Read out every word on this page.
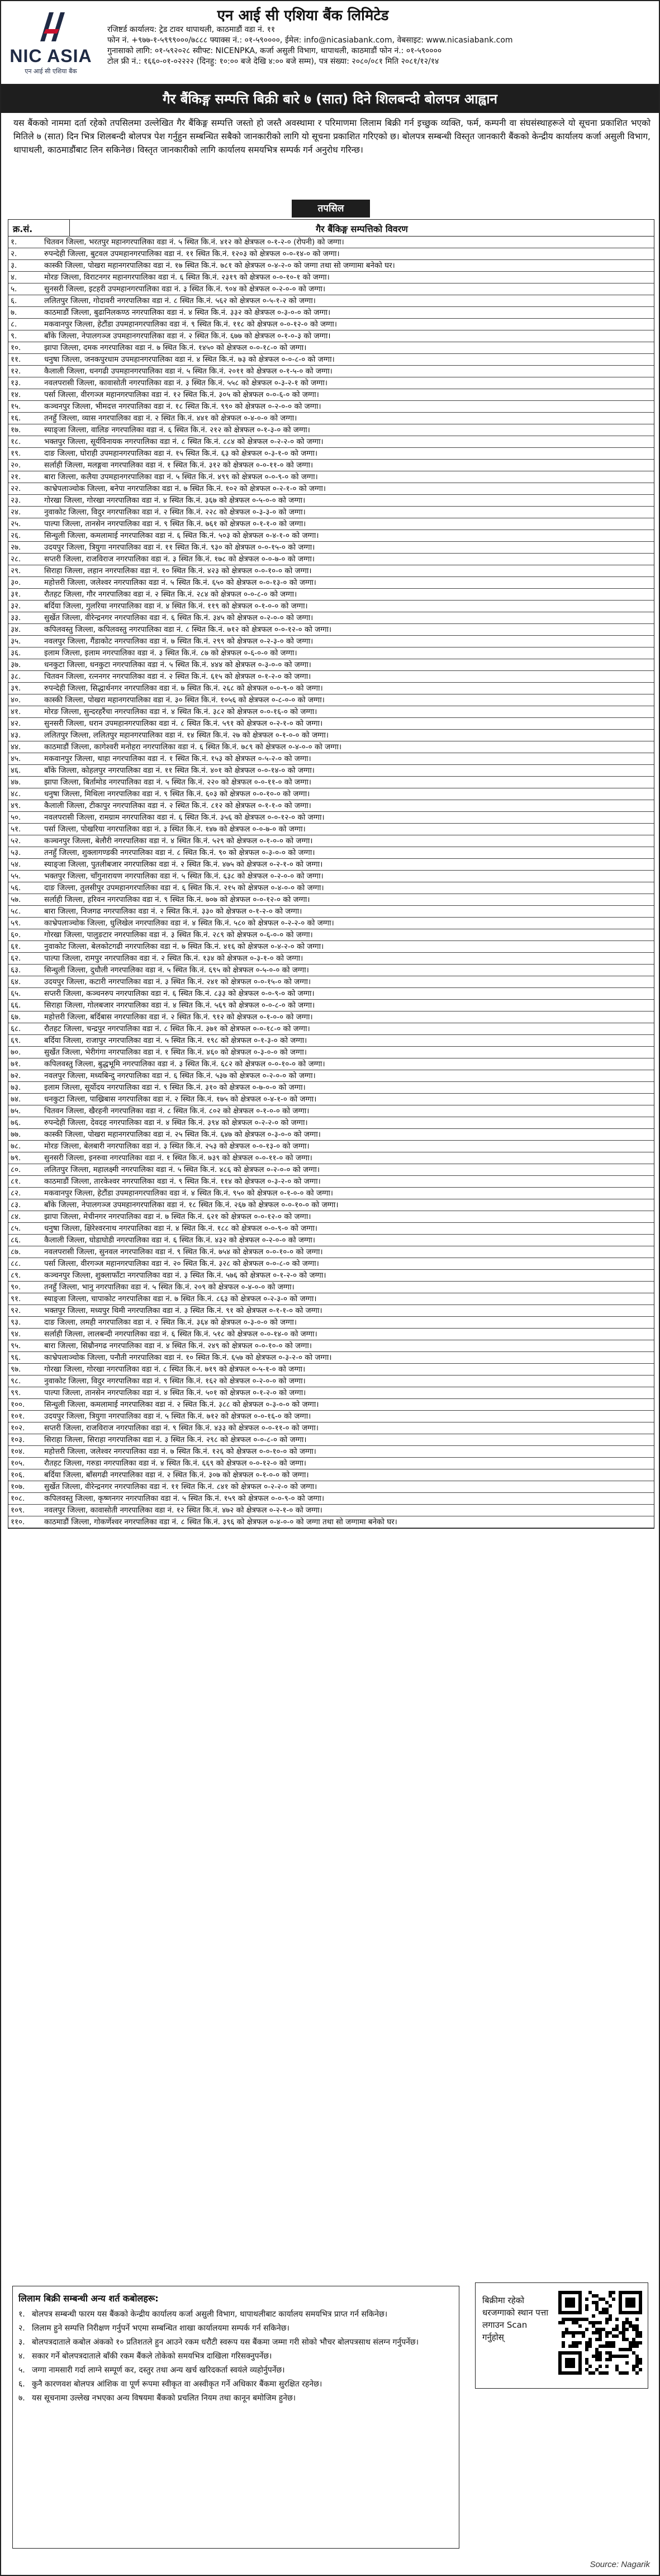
NIC ASIA
एन आई सी एशिया बैंक
एन आई सी एशिया बैंक लिमिटेड
रजिष्टर्ड कार्यालय: ट्रेड टावर थापाथली, काठमाडौं वडा नं. ११
फोन नं. +९७७-१-५९९९०००/७८८८ फ्याक्स नं.: ०१-५९००००, ईमेल: info@nicasiabank.com, वेबसाइट: www.nicasiabank.com
गुनासाको लागि: ०१-५९२०२८ स्वीफ्ट: NICENPKA, कर्जा असुली विभाग, थापाथली, काठमाडौं फोन नं.: ०१-५९००००
टोल फ्री नं.: १६६०-०१-०२२२२ (दिनहु: १०:०० बजे देखि ४:०० बजे सम्म), पत्र संख्या: २०८०/०८१ मिति २०८१/१२/१४
गैर बैंकिङ्ग सम्पत्ति बिक्री बारे ७ (सात) दिने शिलबन्दी बोलपत्र आह्वान

यस बैंकको नाममा दर्ता रहेको तपसिलमा उल्लेखित गैर बैंकिङ्ग सम्पत्ति जस्तो हो जस्तै अवस्थामा र परिमाणमा लिलाम बिक्री गर्न इच्छुक व्यक्ति, फर्म, कम्पनी वा संघसंस्थाहरूले यो सूचना प्रकाशित भएको मितिले ७ (सात) दिन भित्र शिलबन्दी बोलपत्र पेश गर्नुहुन सम्बन्धित सबैको जानकारीको लागि यो सूचना प्रकाशित गरिएको छ। बोलपत्र सम्बन्धी विस्तृत जानकारी बैंकको केन्द्रीय कार्यालय कर्जा असुली विभाग, थापाथली, काठमाडौंबाट लिन सकिनेछ। विस्तृत जानकारीको लागि कार्यालय समयभित्र सम्पर्क गर्न अनुरोध गरिन्छ।

तपसिल
क्र.सं.	गैर बैंकिङ्ग सम्पत्तिको विवरण
१.	चितवन जिल्ला, भरतपुर महानगरपालिका वडा नं. ५ स्थित कि.नं. ४१२ को क्षेत्रफल ०-१-२-० (रोपनी) को जग्गा।
२.	रुपन्देही जिल्ला, बुटवल उपमहानगरपालिका वडा नं. ११ स्थित कि.नं. १२०३ को क्षेत्रफल ०-०-१४-० को जग्गा।
३.	कास्की जिल्ला, पोखरा महानगरपालिका वडा नं. १७ स्थित कि.नं. ७८१ को क्षेत्रफल ०-४-२-० को जग्गा तथा सो जग्गामा बनेको घर।
४.	मोरङ जिल्ला, विराटनगर महानगरपालिका वडा नं. ६ स्थित कि.नं. २३१९ को क्षेत्रफल ०-०-१०-१ को जग्गा।
५.	सुनसरी जिल्ला, इटहरी उपमहानगरपालिका वडा नं. ३ स्थित कि.नं. ९०४ को क्षेत्रफल ०-२-०-० को जग्गा।
६.	ललितपुर जिल्ला, गोदावरी नगरपालिका वडा नं. ८ स्थित कि.नं. ५६२ को क्षेत्रफल ०-५-१-२ को जग्गा।
७.	काठमाडौं जिल्ला, बुढानिलकण्ठ नगरपालिका वडा नं. ४ स्थित कि.नं. ३३२ को क्षेत्रफल ०-३-०-० को जग्गा।
८.	मकवानपुर जिल्ला, हेटौंडा उपमहानगरपालिका वडा नं. ९ स्थित कि.नं. ११८ को क्षेत्रफल ०-०-१२-० को जग्गा।
९.	बाँके जिल्ला, नेपालगञ्ज उपमहानगरपालिका वडा नं. २ स्थित कि.नं. ६७७ को क्षेत्रफल ०-१-०-३ को जग्गा।
१०.	झापा जिल्ला, दमक नगरपालिका वडा नं. ७ स्थित कि.नं. १४५० को क्षेत्रफल ०-०-१८-० को जग्गा।
११.	धनुषा जिल्ला, जनकपुरधाम उपमहानगरपालिका वडा नं. ४ स्थित कि.नं. ७३ को क्षेत्रफल ०-०-८-० को जग्गा।
१२.	कैलाली जिल्ला, धनगढी उपमहानगरपालिका वडा नं. ५ स्थित कि.नं. २०११ को क्षेत्रफल ०-१-५-० को जग्गा।
१३.	नवलपरासी जिल्ला, कावासोती नगरपालिका वडा नं. ३ स्थित कि.नं. ५५८ को क्षेत्रफल ०-३-२-१ को जग्गा।
१४.	पर्सा जिल्ला, वीरगञ्ज महानगरपालिका वडा नं. १२ स्थित कि.नं. ३०५ को क्षेत्रफल ०-०-६-० को जग्गा।
१५.	कञ्चनपुर जिल्ला, भीमदत्त नगरपालिका वडा नं. १८ स्थित कि.नं. ९९० को क्षेत्रफल ०-२-०-० को जग्गा।
१६.	तनहुँ जिल्ला, व्यास नगरपालिका वडा नं. २ स्थित कि.नं. ४४१ को क्षेत्रफल ०-४-०-० को जग्गा।
१७.	स्याङ्जा जिल्ला, वालिङ नगरपालिका वडा नं. ६ स्थित कि.नं. २१२ को क्षेत्रफल ०-१-३-० को जग्गा।
१८.	भक्तपुर जिल्ला, सूर्यविनायक नगरपालिका वडा नं. ८ स्थित कि.नं. ८८४ को क्षेत्रफल ०-२-२-० को जग्गा।
१९.	दाङ जिल्ला, घोराही उपमहानगरपालिका वडा नं. १५ स्थित कि.नं. ६३ को क्षेत्रफल ०-३-१-० को जग्गा।
२०.	सर्लाही जिल्ला, मलङ्गवा नगरपालिका वडा नं. १ स्थित कि.नं. ३१२ को क्षेत्रफल ०-०-११-० को जग्गा।
२१.	बारा जिल्ला, कलैया उपमहानगरपालिका वडा नं. ५ स्थित कि.नं. ४९९ को क्षेत्रफल ०-०-९-० को जग्गा।
२२.	काभ्रेपलाञ्चोक जिल्ला, बनेपा नगरपालिका वडा नं. ७ स्थित कि.नं. १०२ को क्षेत्रफल ०-२-१-० को जग्गा।
२३.	गोरखा जिल्ला, गोरखा नगरपालिका वडा नं. ४ स्थित कि.नं. ३६७ को क्षेत्रफल ०-५-०-० को जग्गा।
२४.	नुवाकोट जिल्ला, विदुर नगरपालिका वडा नं. २ स्थित कि.नं. २२८ को क्षेत्रफल ०-३-३-० को जग्गा।
२५.	पाल्पा जिल्ला, तानसेन नगरपालिका वडा नं. ९ स्थित कि.नं. ७६१ को क्षेत्रफल ०-१-१-० को जग्गा।
२६.	सिन्धुली जिल्ला, कमलामाई नगरपालिका वडा नं. ६ स्थित कि.नं. ५०३ को क्षेत्रफल ०-४-१-० को जग्गा।
२७.	उदयपुर जिल्ला, त्रियुगा नगरपालिका वडा नं. ११ स्थित कि.नं. ९३० को क्षेत्रफल ०-०-१५-० को जग्गा।
२८.	सप्तरी जिल्ला, राजविराज नगरपालिका वडा नं. ३ स्थित कि.नं. १७८ को क्षेत्रफल ०-०-७-० को जग्गा।
२९.	सिराहा जिल्ला, लहान नगरपालिका वडा नं. १० स्थित कि.नं. ४२३ को क्षेत्रफल ०-०-१०-० को जग्गा।
३०.	महोत्तरी जिल्ला, जलेश्वर नगरपालिका वडा नं. ५ स्थित कि.नं. ६५० को क्षेत्रफल ०-०-१३-० को जग्गा।
३१.	रौतहट जिल्ला, गौर नगरपालिका वडा नं. २ स्थित कि.नं. २८४ को क्षेत्रफल ०-०-८-० को जग्गा।
३२.	बर्दिया जिल्ला, गुलरिया नगरपालिका वडा नं. ४ स्थित कि.नं. ११९ को क्षेत्रफल ०-१-०-० को जग्गा।
३३.	सुर्खेत जिल्ला, वीरेन्द्रनगर नगरपालिका वडा नं. ६ स्थित कि.नं. ३४५ को क्षेत्रफल ०-२-०-० को जग्गा।
३४.	कपिलवस्तु जिल्ला, कपिलवस्तु नगरपालिका वडा नं. ८ स्थित कि.नं. ७१२ को क्षेत्रफल ०-०-१२-० को जग्गा।
३५.	नवलपुर जिल्ला, गैंडाकोट नगरपालिका वडा नं. ७ स्थित कि.नं. २९९ को क्षेत्रफल ०-२-३-० को जग्गा।
३६.	इलाम जिल्ला, इलाम नगरपालिका वडा नं. ३ स्थित कि.नं. ८७ को क्षेत्रफल ०-६-०-० को जग्गा।
३७.	धनकुटा जिल्ला, धनकुटा नगरपालिका वडा नं. ५ स्थित कि.नं. ४४४ को क्षेत्रफल ०-३-०-० को जग्गा।
३८.	चितवन जिल्ला, रत्ननगर नगरपालिका वडा नं. २ स्थित कि.नं. ६१५ को क्षेत्रफल ०-१-२-० को जग्गा।
३९.	रुपन्देही जिल्ला, सिद्धार्थनगर नगरपालिका वडा नं. ७ स्थित कि.नं. २६८ को क्षेत्रफल ०-०-९-० को जग्गा।
४०.	कास्की जिल्ला, पोखरा महानगरपालिका वडा नं. ३० स्थित कि.नं. १०५६ को क्षेत्रफल ०-८-०-० को जग्गा।
४१.	मोरङ जिल्ला, सुन्दरहरैंचा नगरपालिका वडा नं. ४ स्थित कि.नं. ३८२ को क्षेत्रफल ०-०-१६-० को जग्गा।
४२.	सुनसरी जिल्ला, धरान उपमहानगरपालिका वडा नं. ८ स्थित कि.नं. ५९१ को क्षेत्रफल ०-२-१-० को जग्गा।
४३.	ललितपुर जिल्ला, ललितपुर महानगरपालिका वडा नं. १४ स्थित कि.नं. २७ को क्षेत्रफल ०-१-०-० को जग्गा।
४४.	काठमाडौं जिल्ला, कागेश्वरी मनोहरा नगरपालिका वडा नं. ६ स्थित कि.नं. ७८९ को क्षेत्रफल ०-४-०-० को जग्गा।
४५.	मकवानपुर जिल्ला, थाहा नगरपालिका वडा नं. १ स्थित कि.नं. १५३ को क्षेत्रफल ०-५-२-० को जग्गा।
४६.	बाँके जिल्ला, कोहलपुर नगरपालिका वडा नं. ११ स्थित कि.नं. ४०१ को क्षेत्रफल ०-०-१४-० को जग्गा।
४७.	झापा जिल्ला, बिर्तामोड नगरपालिका वडा नं. ५ स्थित कि.नं. २२० को क्षेत्रफल ०-०-११-० को जग्गा।
४८.	धनुषा जिल्ला, मिथिला नगरपालिका वडा नं. ९ स्थित कि.नं. ६०३ को क्षेत्रफल ०-०-१०-० को जग्गा।
४९.	कैलाली जिल्ला, टीकापुर नगरपालिका वडा नं. २ स्थित कि.नं. ८१२ को क्षेत्रफल ०-१-१-० को जग्गा।
५०.	नवलपरासी जिल्ला, रामग्राम नगरपालिका वडा नं. ६ स्थित कि.नं. ३५६ को क्षेत्रफल ०-०-१२-० को जग्गा।
५१.	पर्सा जिल्ला, पोखरिया नगरपालिका वडा नं. ३ स्थित कि.नं. १४७ को क्षेत्रफल ०-०-७-० को जग्गा।
५२.	कञ्चनपुर जिल्ला, बेलौरी नगरपालिका वडा नं. ४ स्थित कि.नं. ५२९ को क्षेत्रफल ०-१-०-० को जग्गा।
५३.	तनहुँ जिल्ला, शुक्लागण्डकी नगरपालिका वडा नं. ८ स्थित कि.नं. ९० को क्षेत्रफल ०-३-०-० को जग्गा।
५४.	स्याङ्जा जिल्ला, पुतलीबजार नगरपालिका वडा नं. २ स्थित कि.नं. ४७५ को क्षेत्रफल ०-२-१-० को जग्गा।
५५.	भक्तपुर जिल्ला, चाँगुनारायण नगरपालिका वडा नं. ५ स्थित कि.नं. ६३८ को क्षेत्रफल ०-२-०-० को जग्गा।
५६.	दाङ जिल्ला, तुलसीपुर उपमहानगरपालिका वडा नं. ६ स्थित कि.नं. २१५ को क्षेत्रफल ०-४-०-० को जग्गा।
५७.	सर्लाही जिल्ला, हरिवन नगरपालिका वडा नं. ९ स्थित कि.नं. ७०७ को क्षेत्रफल ०-०-१२-० को जग्गा।
५८.	बारा जिल्ला, निजगढ नगरपालिका वडा नं. २ स्थित कि.नं. ३३० को क्षेत्रफल ०-१-२-० को जग्गा।
५९.	काभ्रेपलाञ्चोक जिल्ला, धुलिखेल नगरपालिका वडा नं. ४ स्थित कि.नं. ५८० को क्षेत्रफल ०-२-२-० को जग्गा।
६०.	गोरखा जिल्ला, पालुङटार नगरपालिका वडा नं. ३ स्थित कि.नं. २८९ को क्षेत्रफल ०-६-०-० को जग्गा।
६१.	नुवाकोट जिल्ला, बेलकोटगढी नगरपालिका वडा नं. ७ स्थित कि.नं. ४१६ को क्षेत्रफल ०-४-२-० को जग्गा।
६२.	पाल्पा जिल्ला, रामपुर नगरपालिका वडा नं. २ स्थित कि.नं. १३४ को क्षेत्रफल ०-३-१-० को जग्गा।
६३.	सिन्धुली जिल्ला, दुधौली नगरपालिका वडा नं. ५ स्थित कि.नं. ६९५ को क्षेत्रफल ०-५-०-० को जग्गा।
६४.	उदयपुर जिल्ला, कटारी नगरपालिका वडा नं. ३ स्थित कि.नं. २४१ को क्षेत्रफल ०-०-१५-० को जग्गा।
६५.	सप्तरी जिल्ला, कञ्चनरुप नगरपालिका वडा नं. ६ स्थित कि.नं. ८३३ को क्षेत्रफल ०-०-९-० को जग्गा।
६६.	सिराहा जिल्ला, गोलबजार नगरपालिका वडा नं. ४ स्थित कि.नं. ५६९ को क्षेत्रफल ०-०-८-० को जग्गा।
६७.	महोत्तरी जिल्ला, बर्दिबास नगरपालिका वडा नं. २ स्थित कि.नं. ९१२ को क्षेत्रफल ०-१-०-० को जग्गा।
६८.	रौतहट जिल्ला, चन्द्रपुर नगरपालिका वडा नं. ८ स्थित कि.नं. ३७१ को क्षेत्रफल ०-०-१८-० को जग्गा।
६९.	बर्दिया जिल्ला, राजापुर नगरपालिका वडा नं. ५ स्थित कि.नं. १९८ को क्षेत्रफल ०-१-३-० को जग्गा।
७०.	सुर्खेत जिल्ला, भेरीगंगा नगरपालिका वडा नं. १ स्थित कि.नं. ४६० को क्षेत्रफल ०-३-०-० को जग्गा।
७१.	कपिलवस्तु जिल्ला, बुद्धभूमि नगरपालिका वडा नं. ३ स्थित कि.नं. ६८२ को क्षेत्रफल ०-०-१०-० को जग्गा।
७२.	नवलपुर जिल्ला, मध्यबिन्दु नगरपालिका वडा नं. ६ स्थित कि.नं. ५३७ को क्षेत्रफल ०-२-०-० को जग्गा।
७३.	इलाम जिल्ला, सूर्योदय नगरपालिका वडा नं. ९ स्थित कि.नं. ३१० को क्षेत्रफल ०-७-०-० को जग्गा।
७४.	धनकुटा जिल्ला, पाख्रिबास नगरपालिका वडा नं. २ स्थित कि.नं. १७५ को क्षेत्रफल ०-४-१-० को जग्गा।
७५.	चितवन जिल्ला, खैरहनी नगरपालिका वडा नं. ८ स्थित कि.नं. ८०२ को क्षेत्रफल ०-१-०-० को जग्गा।
७६.	रुपन्देही जिल्ला, देवदह नगरपालिका वडा नं. ४ स्थित कि.नं. ३९४ को क्षेत्रफल ०-२-२-० को जग्गा।
७७.	कास्की जिल्ला, पोखरा महानगरपालिका वडा नं. २५ स्थित कि.नं. ६४७ को क्षेत्रफल ०-३-०-० को जग्गा।
७८.	मोरङ जिल्ला, बेलबारी नगरपालिका वडा नं. ३ स्थित कि.नं. २५३ को क्षेत्रफल ०-०-१३-० को जग्गा।
७९.	सुनसरी जिल्ला, इनरुवा नगरपालिका वडा नं. १ स्थित कि.नं. ७३९ को क्षेत्रफल ०-०-११-० को जग्गा।
८०.	ललितपुर जिल्ला, महालक्ष्मी नगरपालिका वडा नं. ५ स्थित कि.नं. ४८६ को क्षेत्रफल ०-२-०-० को जग्गा।
८१.	काठमाडौं जिल्ला, तारकेश्वर नगरपालिका वडा नं. ९ स्थित कि.नं. ११४ को क्षेत्रफल ०-३-२-० को जग्गा।
८२.	मकवानपुर जिल्ला, हेटौंडा उपमहानगरपालिका वडा नं. ४ स्थित कि.नं. ९५० को क्षेत्रफल ०-१-०-० को जग्गा।
८३.	बाँके जिल्ला, नेपालगञ्ज उपमहानगरपालिका वडा नं. १८ स्थित कि.नं. २६७ को क्षेत्रफल ०-०-१०-० को जग्गा।
८४.	झापा जिल्ला, मेचीनगर नगरपालिका वडा नं. ७ स्थित कि.नं. ६२१ को क्षेत्रफल ०-०-१२-० को जग्गा।
८५.	धनुषा जिल्ला, क्षिरेश्वरनाथ नगरपालिका वडा नं. ४ स्थित कि.नं. १८८ को क्षेत्रफल ०-०-९-० को जग्गा।
८६.	कैलाली जिल्ला, घोडाघोडी नगरपालिका वडा नं. ६ स्थित कि.नं. ४३२ को क्षेत्रफल ०-२-०-० को जग्गा।
८७.	नवलपरासी जिल्ला, सुनवल नगरपालिका वडा नं. ९ स्थित कि.नं. ७५४ को क्षेत्रफल ०-०-१०-० को जग्गा।
८८.	पर्सा जिल्ला, वीरगञ्ज महानगरपालिका वडा नं. २० स्थित कि.नं. ३२८ को क्षेत्रफल ०-०-८-० को जग्गा।
८९.	कञ्चनपुर जिल्ला, शुक्लाफाँटा नगरपालिका वडा नं. ३ स्थित कि.नं. ५७६ को क्षेत्रफल ०-१-२-० को जग्गा।
९०.	तनहुँ जिल्ला, भानु नगरपालिका वडा नं. ५ स्थित कि.नं. २०९ को क्षेत्रफल ०-४-०-० को जग्गा।
९१.	स्याङ्जा जिल्ला, चापाकोट नगरपालिका वडा नं. ७ स्थित कि.नं. ८६३ को क्षेत्रफल ०-२-३-० को जग्गा।
९२.	भक्तपुर जिल्ला, मध्यपुर थिमी नगरपालिका वडा नं. ३ स्थित कि.नं. ९१ को क्षेत्रफल ०-१-१-० को जग्गा।
९३.	दाङ जिल्ला, लमही नगरपालिका वडा नं. २ स्थित कि.नं. ३६४ को क्षेत्रफल ०-३-०-० को जग्गा।
९४.	सर्लाही जिल्ला, लालबन्दी नगरपालिका वडा नं. ६ स्थित कि.नं. ५१८ को क्षेत्रफल ०-०-१४-० को जग्गा।
९५.	बारा जिल्ला, सिम्रौनगढ नगरपालिका वडा नं. ४ स्थित कि.नं. २४९ को क्षेत्रफल ०-०-१०-० को जग्गा।
९६.	काभ्रेपलाञ्चोक जिल्ला, पनौती नगरपालिका वडा नं. १० स्थित कि.नं. ६५७ को क्षेत्रफल ०-३-२-० को जग्गा।
९७.	गोरखा जिल्ला, गोरखा नगरपालिका वडा नं. ८ स्थित कि.नं. ७१९ को क्षेत्रफल ०-५-१-० को जग्गा।
९८.	नुवाकोट जिल्ला, विदुर नगरपालिका वडा नं. ९ स्थित कि.नं. १६२ को क्षेत्रफल ०-२-०-० को जग्गा।
९९.	पाल्पा जिल्ला, तानसेन नगरपालिका वडा नं. ४ स्थित कि.नं. ५०१ को क्षेत्रफल ०-१-२-० को जग्गा।
१००.	सिन्धुली जिल्ला, कमलामाई नगरपालिका वडा नं. २ स्थित कि.नं. ३८८ को क्षेत्रफल ०-३-०-० को जग्गा।
१०१.	उदयपुर जिल्ला, त्रियुगा नगरपालिका वडा नं. ५ स्थित कि.नं. ७१२ को क्षेत्रफल ०-०-१६-० को जग्गा।
१०२.	सप्तरी जिल्ला, राजविराज नगरपालिका वडा नं. ९ स्थित कि.नं. ४३३ को क्षेत्रफल ०-०-११-० को जग्गा।
१०३.	सिराहा जिल्ला, सिराहा नगरपालिका वडा नं. ३ स्थित कि.नं. २९८ को क्षेत्रफल ०-०-८-० को जग्गा।
१०४.	महोत्तरी जिल्ला, जलेश्वर नगरपालिका वडा नं. ७ स्थित कि.नं. १२६ को क्षेत्रफल ०-०-१०-० को जग्गा।
१०५.	रौतहट जिल्ला, गरुडा नगरपालिका वडा नं. ४ स्थित कि.नं. ६६९ को क्षेत्रफल ०-०-१२-० को जग्गा।
१०६.	बर्दिया जिल्ला, बाँसगढी नगरपालिका वडा नं. २ स्थित कि.नं. ३०७ को क्षेत्रफल ०-१-०-० को जग्गा।
१०७.	सुर्खेत जिल्ला, वीरेन्द्रनगर नगरपालिका वडा नं. ११ स्थित कि.नं. ८४१ को क्षेत्रफल ०-२-२-० को जग्गा।
१०८.	कपिलवस्तु जिल्ला, कृष्णनगर नगरपालिका वडा नं. ५ स्थित कि.नं. १५९ को क्षेत्रफल ०-०-९-० को जग्गा।
१०९.	नवलपुर जिल्ला, कावासोती नगरपालिका वडा नं. १२ स्थित कि.नं. ४७२ को क्षेत्रफल ०-२-१-० को जग्गा।
११०.	काठमाडौं जिल्ला, गोकर्णेश्वर नगरपालिका वडा नं. ८ स्थित कि.नं. ३९६ को क्षेत्रफल ०-४-०-० को जग्गा तथा सो जग्गामा बनेको घर।
लिलाम बिक्री सम्बन्धी अन्य शर्त कबोलहरू:
१. बोलपत्र सम्बन्धी फारम यस बैंकको केन्द्रीय कार्यालय कर्जा असुली विभाग, थापाथलीबाट कार्यालय समयभित्र प्राप्त गर्न सकिनेछ।
२. लिलाम हुने सम्पत्ति निरीक्षण गर्नुपर्ने भएमा सम्बन्धित शाखा कार्यालयमा सम्पर्क गर्न सकिनेछ।
३. बोलपत्रदाताले कबोल अंकको १० प्रतिशतले हुन आउने रकम धरौटी स्वरूप यस बैंकमा जम्मा गरी सोको भौचर बोलपत्रसाथ संलग्न गर्नुपर्नेछ।
४. सकार गर्ने बोलपत्रदाताले बाँकी रकम बैंकले तोकेको समयभित्र दाखिला गरिसक्नुपर्नेछ।
५. जग्गा नामसारी गर्दा लाग्ने सम्पूर्ण कर, दस्तुर तथा अन्य खर्च खरिदकर्ता स्वयंले व्यहोर्नुपर्नेछ।
६. कुनै कारणवश बोलपत्र आंशिक वा पूर्ण रूपमा स्वीकृत वा अस्वीकृत गर्ने अधिकार बैंकमा सुरक्षित रहनेछ।
७. यस सूचनामा उल्लेख नभएका अन्य विषयमा बैंकको प्रचलित नियम तथा कानून बमोजिम हुनेछ।
बिक्रीमा रहेको धरजग्गाको स्थान पत्ता लगाउन Scan गर्नुहोस्
Source: Nagarik
